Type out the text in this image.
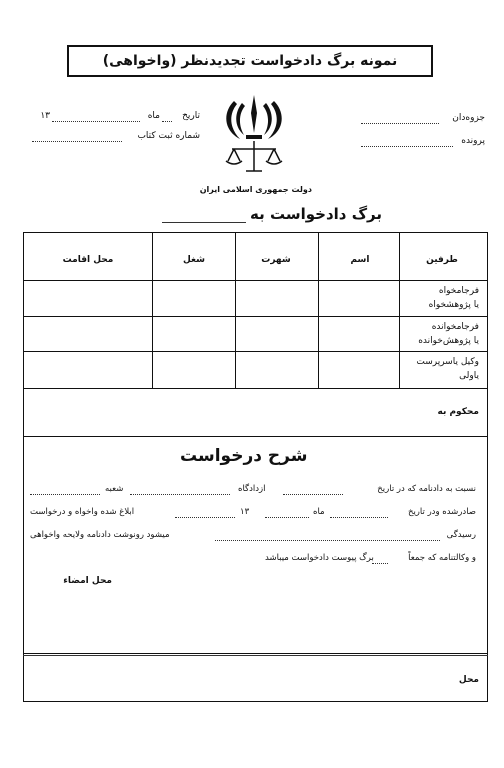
نمونه برگ دادخواست تجدیدنظر (واخواهی)
تاریخ
ماه
۱۳
شماره ثبت کتاب
جزوه‌دان
پرونده
دولت جمهوری اسلامی ایران
برگ دادخواست به
طرفین
اسم
شهرت
شغل
محل اقامت
فرجامخواه
یا پژوهشخواه
فرجامخوانده
یا پژوهش‌خوانده
وکیل یاسرپرست
یاولی
محکوم به
محل امضاء
محل
شرح درخواست
نسبت به دادنامه که در تاریخ
ازدادگاه
شعبه
صادرشده ودر تاریخ
ماه
۱۳
ابلاغ شده واخواه و درخواست
رسیدگی
میشود رونوشت دادنامه ولایحه واخواهی
و وکالتنامه که جمعاً
برگ پیوست دادخواست میباشد
